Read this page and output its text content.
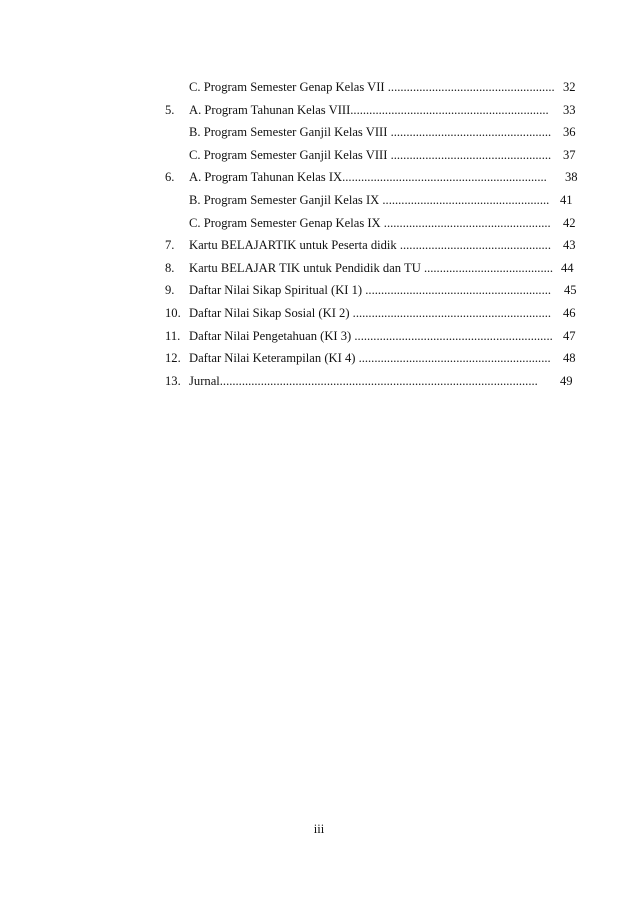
C. Program Semester Genap Kelas VII ..................................................... 32
5. A. Program Tahunan Kelas VIII...............................................................	33
B. Program Semester Ganjil Kelas VIII ................................................... 36
C. Program Semester Ganjil Kelas VIII ................................................... 37
6. A. Program Tahunan Kelas IX.................................................................	38
B. Program Semester Ganjil Kelas IX ..................................................... 41
C. Program Semester Genap Kelas IX ..................................................... 42
7. Kartu BELAJARTIK untuk Peserta didik ................................................ 43
8. Kartu BELAJAR TIK untuk Pendidik dan TU ......................................... 44
9. Daftar Nilai Sikap Spiritual (KI 1) ...........................................................	45
10. Daftar Nilai Sikap Sosial (KI 2) ............................................................... 46
11. Daftar Nilai Pengetahuan (KI 3) ............................................................... 47
12. Daftar Nilai Keterampilan (KI 4) ............................................................. 48
13. Jurnal.....................................................................................................	49
iii
